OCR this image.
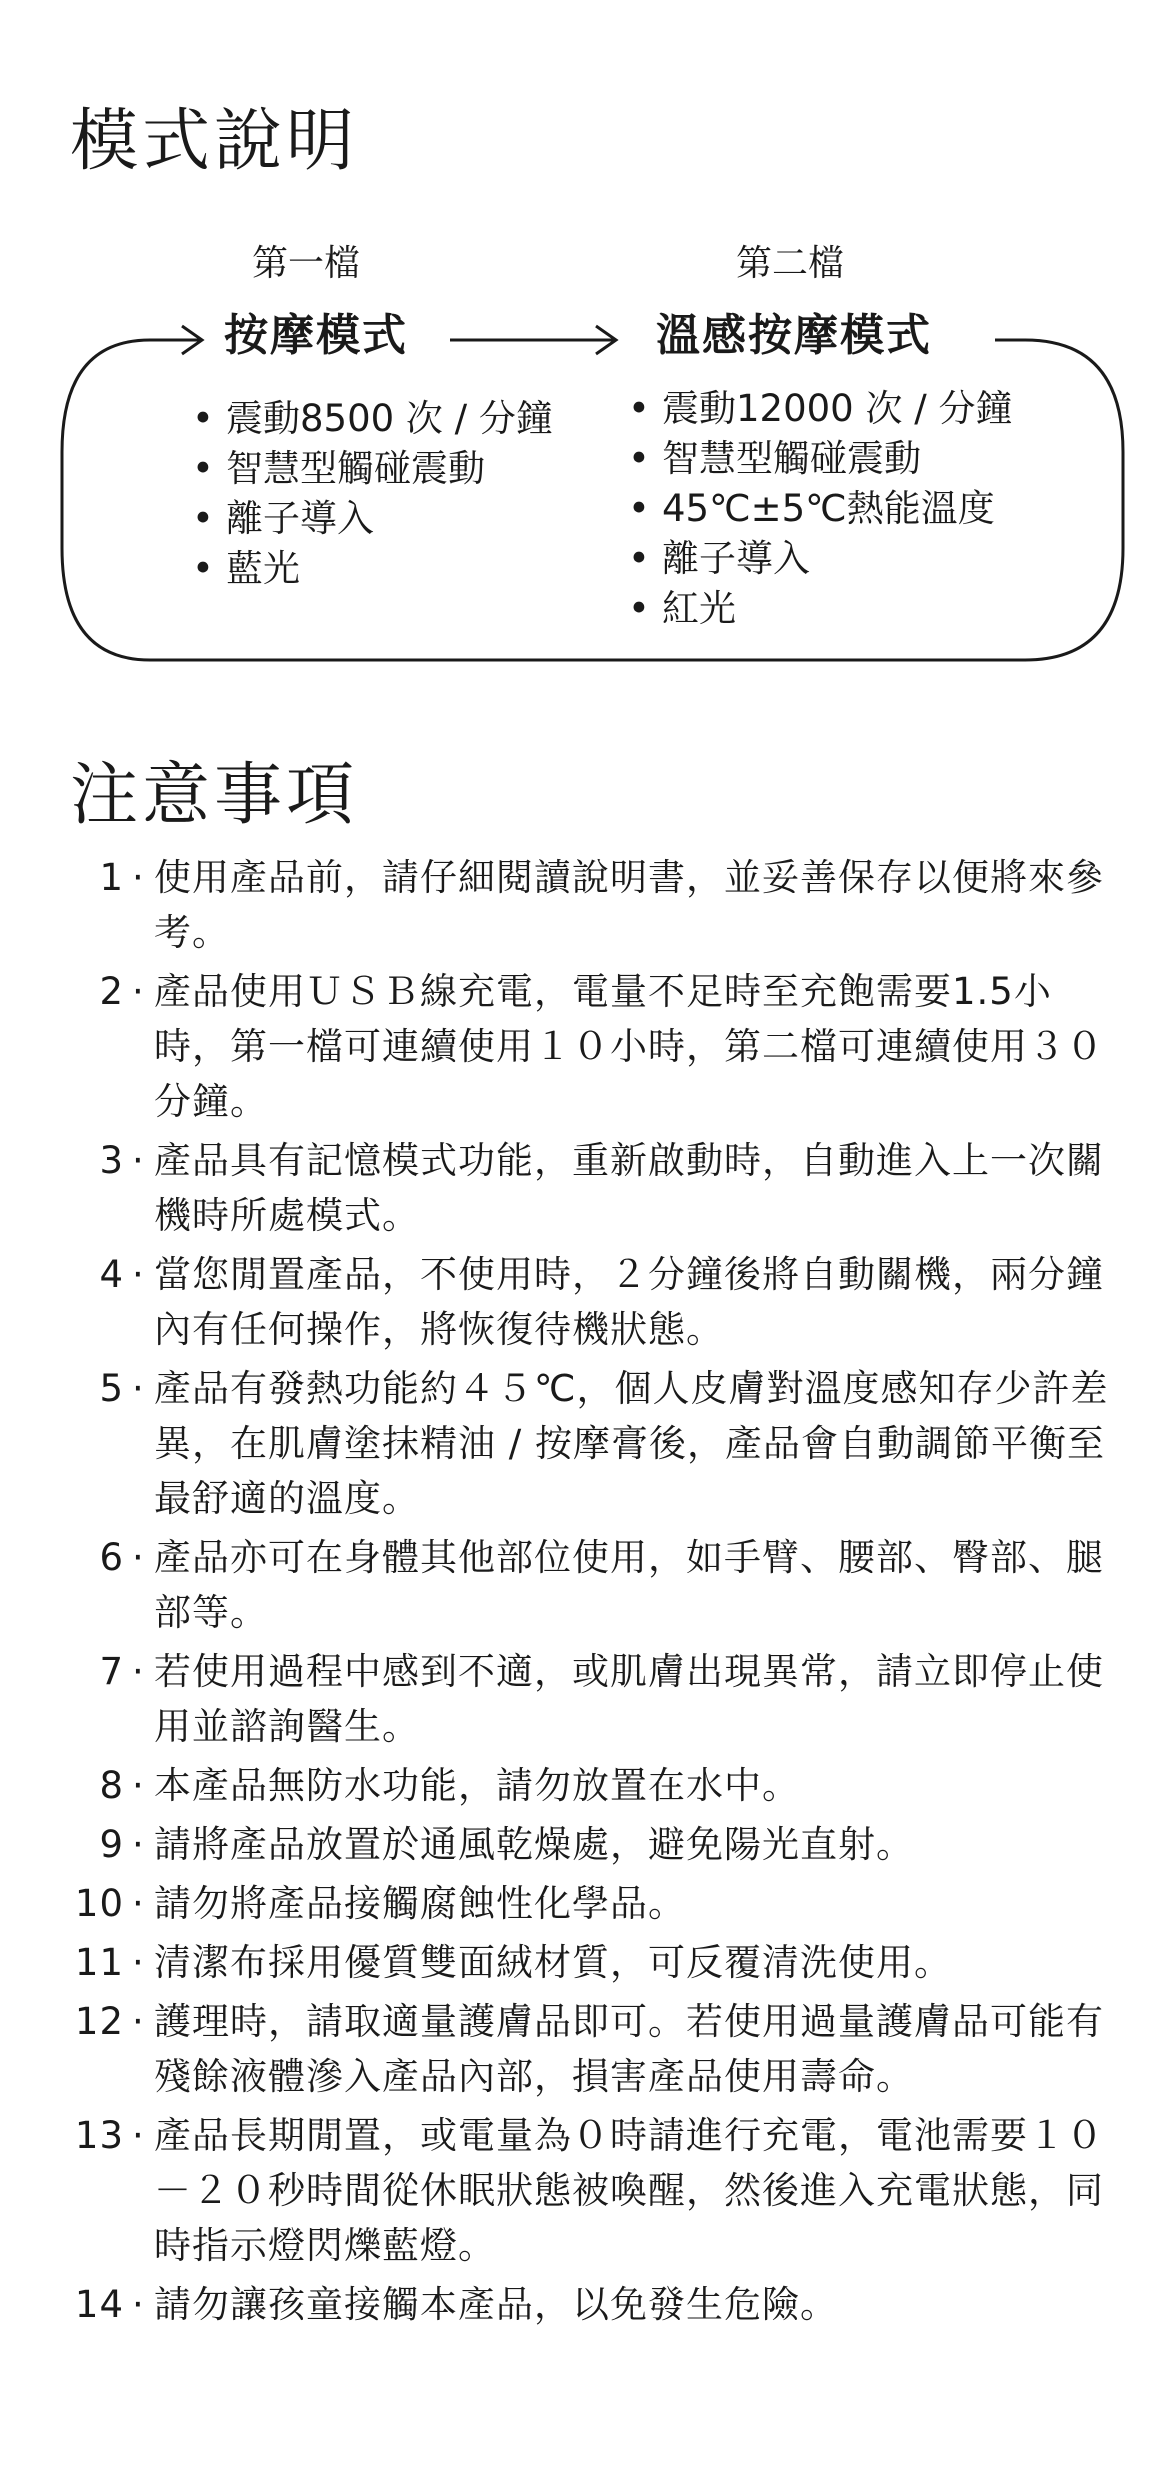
模式說明
第一檔
按摩模式
第二檔
溫感按摩模式
• 震動8500 次 / 分鐘
• 智慧型觸碰震動
• 離子導入
• 藍光
• 震動12000 次 / 分鐘
• 智慧型觸碰震動
• 45℃±5℃熱能溫度
• 離子導入
• 紅光
注意事項
1 · 使用產品前，請仔細閱讀說明書，並妥善保存以便將來參考。
2 · 產品使用ＵＳＢ線充電，電量不足時至充飽需要1.5小時，第一檔可連續使用１０小時，第二檔可連續使用３０分鐘。
3 · 產品具有記憶模式功能，重新啟動時，自動進入上一次關機時所處模式。
4 · 當您閒置產品，不使用時，２分鐘後將自動關機，兩分鐘內有任何操作，將恢復待機狀態。
5 · 產品有發熱功能約４５℃，個人皮膚對溫度感知存少許差異，在肌膚塗抹精油 / 按摩膏後，產品會自動調節平衡至最舒適的溫度。
6 · 產品亦可在身體其他部位使用，如手臂、腰部、臀部、腿部等。
7 · 若使用過程中感到不適，或肌膚出現異常，請立即停止使用並諮詢醫生。
8 · 本產品無防水功能，請勿放置在水中。
9 · 請將產品放置於通風乾燥處，避免陽光直射。
10 · 請勿將產品接觸腐蝕性化學品。
11 · 清潔布採用優質雙面絨材質，可反覆清洗使用。
12 · 護理時，請取適量護膚品即可。若使用過量護膚品可能有殘餘液體滲入產品內部，損害產品使用壽命。
13 · 產品長期閒置，或電量為０時請進行充電，電池需要１０－２０秒時間從休眠狀態被喚醒，然後進入充電狀態，同時指示燈閃爍藍燈。
14 · 請勿讓孩童接觸本產品，以免發生危險。
